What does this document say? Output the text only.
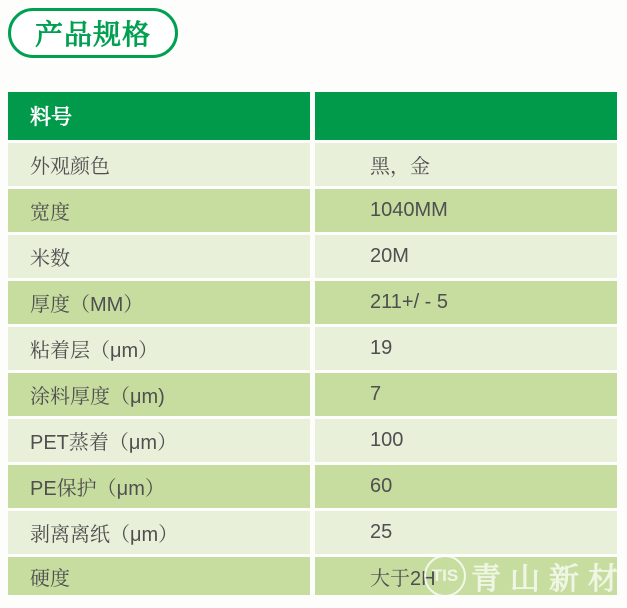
产品规格
料号
外观颜色	黑，金
宽度	1040MM
米数	20M
厚度（MM）	211+/ - 5
粘着层（μm）	19
涂料厚度（μm)	7
PET蒸着（μm）	100
PE保护（μm）	60
剥离离纸（μm）	25
硬度	大于2H
TIS 青山新材
